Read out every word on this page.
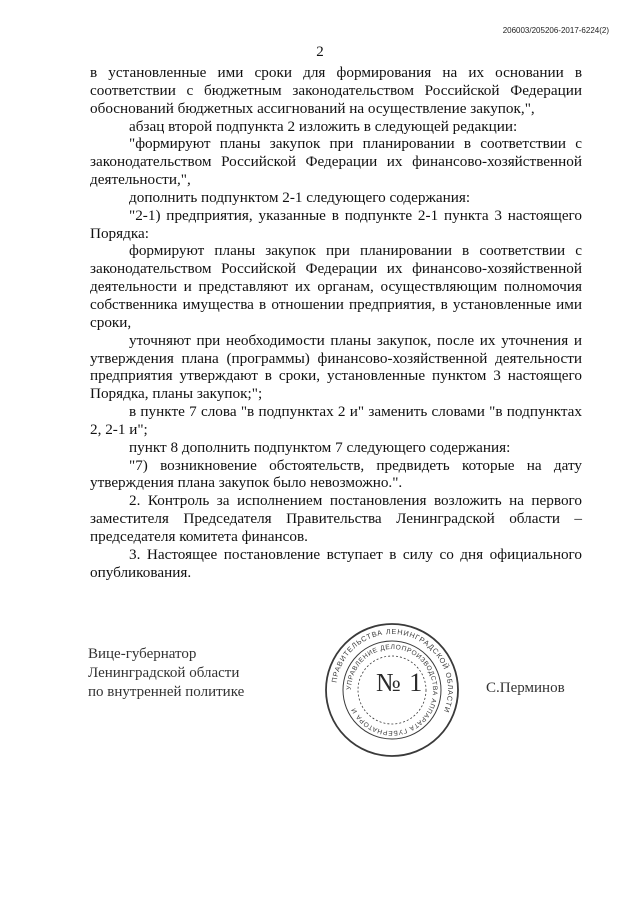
206003/205206-2017-6224(2)
2

в установленные ими сроки для формирования на их основании в соответствии с бюджетным законодательством Российской Федерации обоснований бюджетных ассигнований на осуществление закупок,",

абзац второй подпункта 2 изложить в следующей редакции:

"формируют планы закупок при планировании в соответствии с законодательством Российской Федерации их финансово-хозяйственной деятельности,",

дополнить подпунктом 2-1 следующего содержания:

"2-1) предприятия, указанные в подпункте 2-1 пункта 3 настоящего Порядка:

формируют планы закупок при планировании в соответствии с законодательством Российской Федерации их финансово-хозяйственной деятельности и представляют их органам, осуществляющим полномочия собственника имущества в отношении предприятия, в установленные ими сроки,

уточняют при необходимости планы закупок, после их уточнения и утверждения плана (программы) финансово-хозяйственной деятельности предприятия утверждают в сроки, установленные пунктом 3 настоящего Порядка, планы закупок;";

в пункте 7 слова "в подпунктах 2 и" заменить словами "в подпунктах 2, 2-1 и";

пункт 8 дополнить подпунктом 7 следующего содержания:

"7) возникновение обстоятельств, предвидеть которые на дату утверждения плана закупок было невозможно.".

2. Контроль за исполнением постановления возложить на первого заместителя Председателя Правительства Ленинградской области – председателя комитета финансов.

3. Настоящее постановление вступает в силу со дня официального опубликования.

Вице-губернатор
Ленинградской области
по внутренней политике
ПРАВИТЕЛЬСТВА ЛЕНИНГРАДСКОЙ ОБЛАСТИ
УПРАВЛЕНИЕ ДЕЛОПРОИЗВОДСТВА АППАРАТА ГУБЕРНАТОРА И
№ 1	С.Перминов
